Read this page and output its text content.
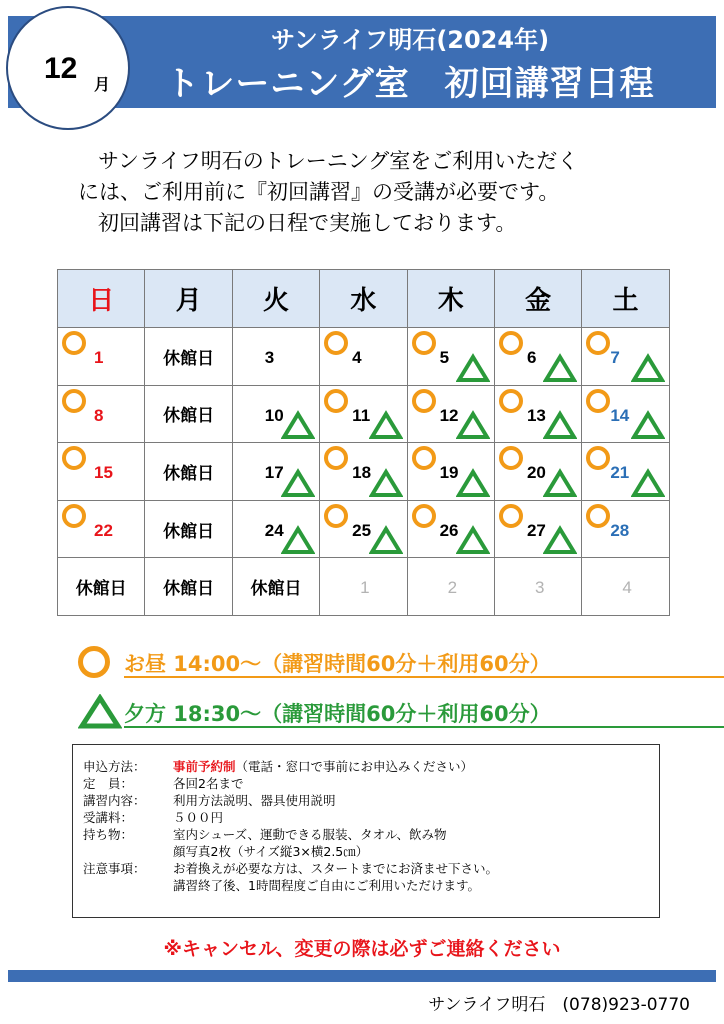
サンライフ明石(2024年)
トレーニング室　初回講習日程
12 月
サンライフ明石のトレーニング室をご利用いただく
には、ご利用前に『初回講習』の受講が必要です。
初回講習は下記の日程で実施しております。
日	月	火	水	木	金	土

1	休館日	3	4	5	6	7

8	休館日	10	11	12	13	14

15	休館日	17	18	19	20	21

22	休館日	24	25	26	27	28

休館日	休館日	休館日	1	2	3	4
お昼 14:00～（講習時間60分＋利用60分）
夕方 18:30～（講習時間60分＋利用60分）
申込方法： 事前予約制（電話・窓口で事前にお申込みください）
定　員：	各回2名まで
講習内容： 利用方法説明、器具使用説明
受講料：	５００円
持ち物：	室内シューズ、運動できる服装、タオル、飲み物
顔写真2枚（サイズ縦3×横2.5㎝）
注意事項： お着換えが必要な方は、スタートまでにお済ませ下さい。
講習終了後、1時間程度ご自由にご利用いただけます。
※キャンセル、変更の際は必ずご連絡ください
サンライフ明石　(078)923-0770
